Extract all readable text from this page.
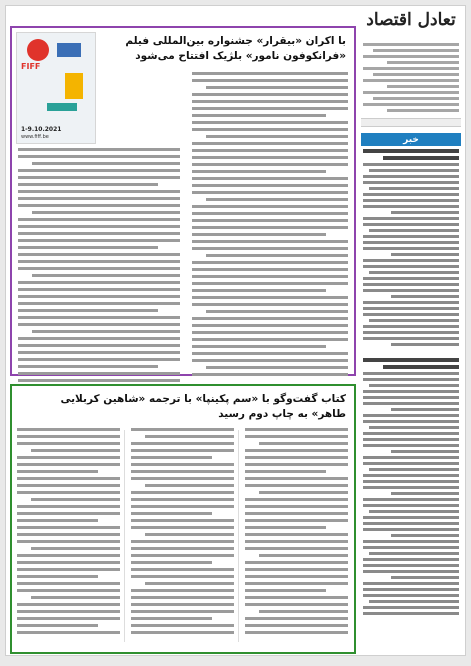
تعادل اقتصاد
خبر
با اکران «بیقرار» جشنواره بین‌المللی فیلم «فرانکوفون نامور» بلژیک افتتاح می‌شود
FIFF
1-9.10.2021
www.fiff.be
کتاب گفت‌وگو با «سم پکینپا» با ترجمه «شاهین کربلایی طاهر» به چاپ دوم رسید
